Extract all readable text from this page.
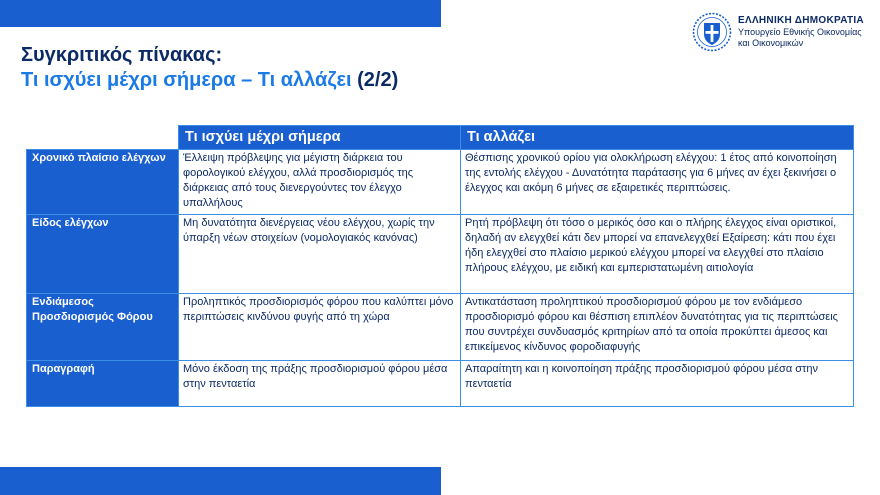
ΕΛΛΗΝΙΚΗ ΔΗΜΟΚΡΑΤΙΑ
Υπουργείο Εθνικής Οικονομίας
και Οικονομικών
Συγκριτικός πίνακας:
Τι ισχύει μέχρι σήμερα – Τι αλλάζει (2/2)
	Τι ισχύει μέχρι σήμερα	Τι αλλάζει
Χρονικό πλαίσιο ελέγχων	Έλλειψη πρόβλεψης για μέγιστη διάρκεια του φορολογικού ελέγχου, αλλά προσδιορισμός της διάρκειας από τους διενεργούντες τον έλεγχο υπαλλήλους	Θέσπισης χρονικού ορίου για ολοκλήρωση ελέγχου: 1 έτος από κοινοποίηση της εντολής ελέγχου - Δυνατότητα παράτασης για 6 μήνες αν έχει ξεκινήσει ο έλεγχος και ακόμη 6 μήνες σε εξαιρετικές περιπτώσεις.
Είδος ελέγχων	Μη δυνατότητα διενέργειας νέου ελέγχου, χωρίς την ύπαρξη νέων στοιχείων (νομολογιακός κανόνας)	Ρητή πρόβλεψη ότι τόσο ο μερικός όσο και ο πλήρης έλεγχος είναι οριστικοί, δηλαδή αν ελεγχθεί κάτι δεν μπορεί να επανελεγχθεί Εξαίρεση: κάτι που έχει ήδη ελεγχθεί στο πλαίσιο μερικού ελέγχου μπορεί να ελεγχθεί στο πλαίσιο πλήρους ελέγχου, με ειδική και εμπεριστατωμένη αιτιολογία
Ενδιάμεσος Προσδιορισμός Φόρου	Προληπτικός προσδιορισμός φόρου που καλύπτει μόνο περιπτώσεις κινδύνου φυγής από τη χώρα	Αντικατάσταση προληπτικού προσδιορισμού φόρου με τον ενδιάμεσο προσδιορισμό φόρου και θέσπιση επιπλέον δυνατότητας για τις περιπτώσεις που συντρέχει συνδυασμός κριτηρίων από τα οποία προκύπτει άμεσος και επικείμενος κίνδυνος φοροδιαφυγής
Παραγραφή	Μόνο έκδοση της πράξης προσδιορισμού φόρου μέσα στην πενταετία	Απαραίτητη και η κοινοποίηση πράξης προσδιορισμού φόρου μέσα στην πενταετία
